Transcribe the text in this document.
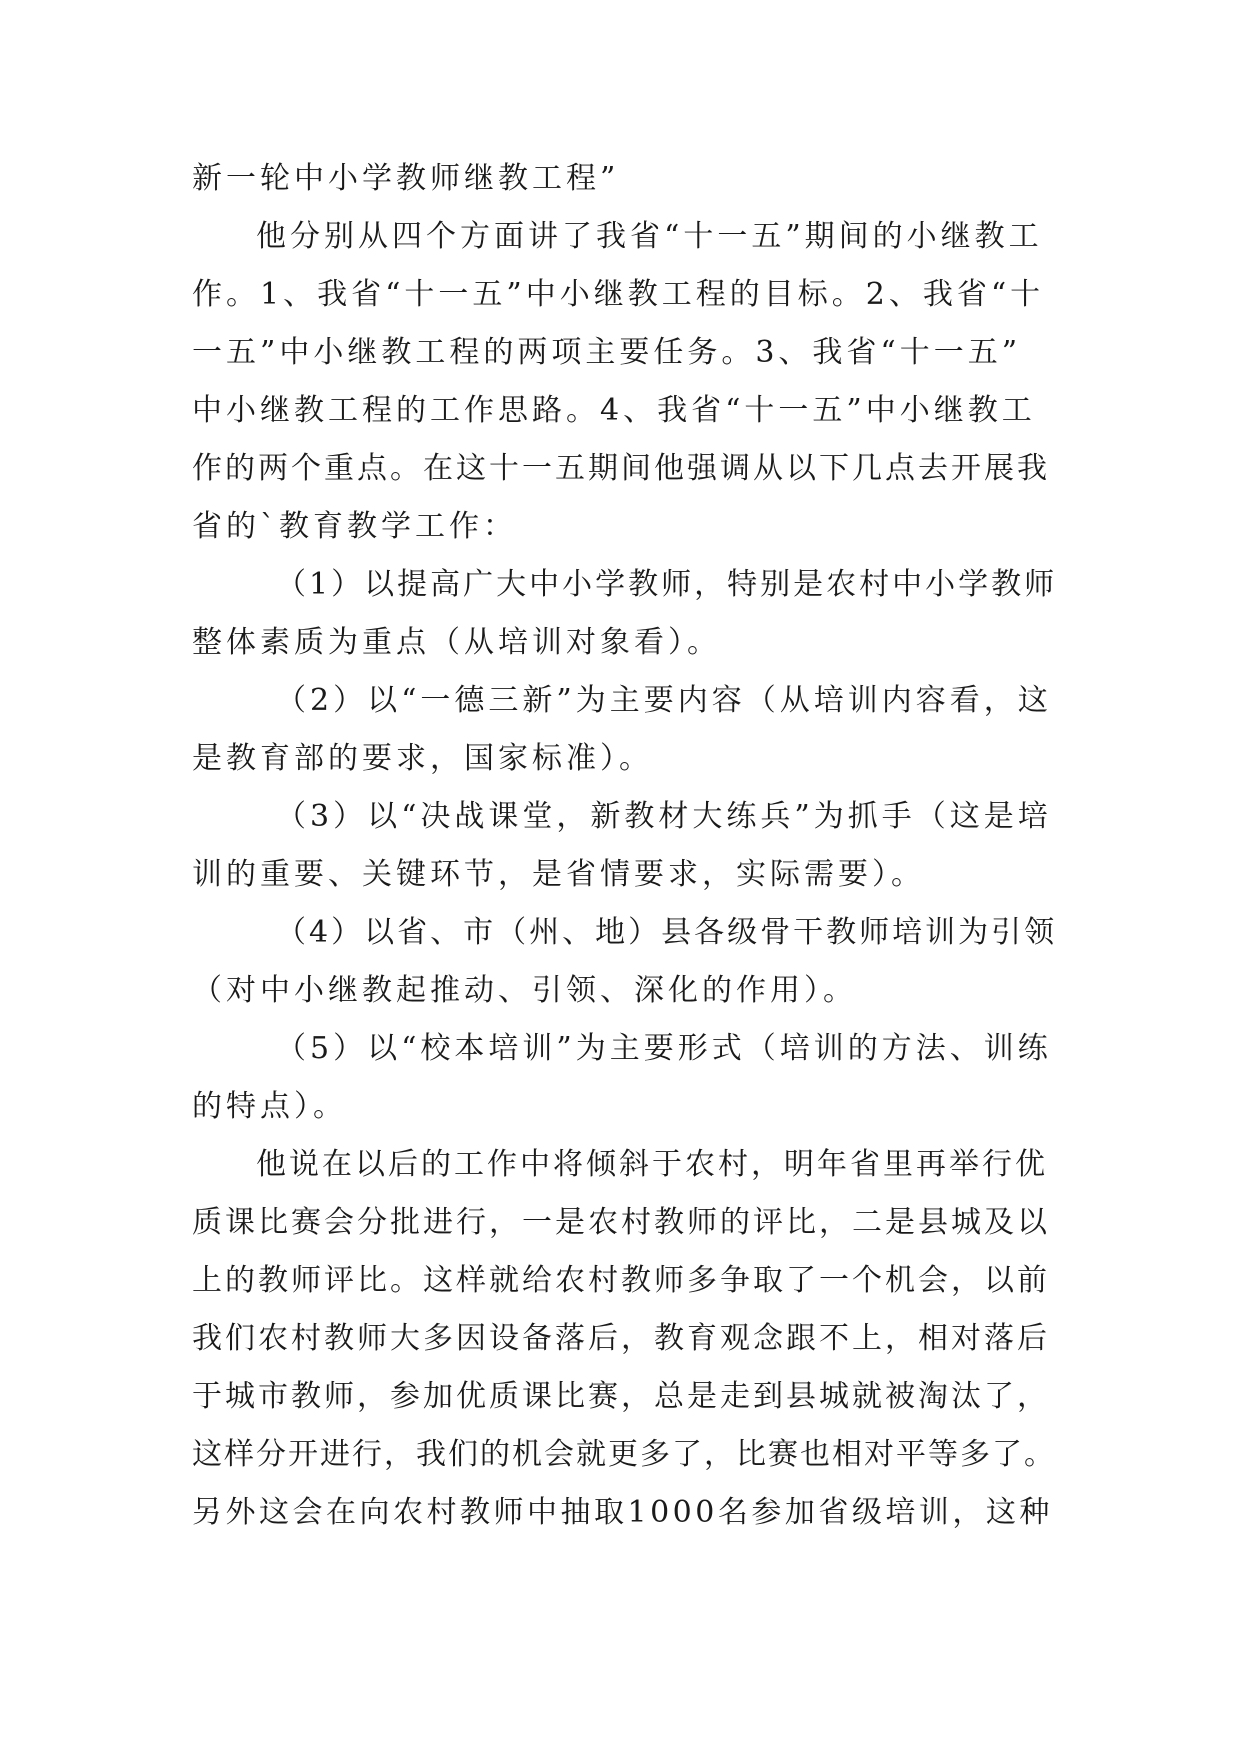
新一轮中小学教师继教工程”
他分别从四个方面讲了我省“十一五”期间的小继教工
作。1、我省“十一五”中小继教工程的目标。2、我省“十
一五”中小继教工程的两项主要任务。3、我省“十一五”
中小继教工程的工作思路。4、我省“十一五”中小继教工
作的两个重点。在这十一五期间他强调从以下几点去开展我
省的`教育教学工作：
（1）以提高广大中小学教师，特别是农村中小学教师
整体素质为重点（从培训对象看）。
（2）以“一德三新”为主要内容（从培训内容看，这
是教育部的要求，国家标准）。
（3）以“决战课堂，新教材大练兵”为抓手（这是培
训的重要、关键环节，是省情要求，实际需要）。
（4）以省、市（州、地）县各级骨干教师培训为引领
（对中小继教起推动、引领、深化的作用）。
（5）以“校本培训”为主要形式（培训的方法、训练
的特点）。
他说在以后的工作中将倾斜于农村，明年省里再举行优
质课比赛会分批进行，一是农村教师的评比，二是县城及以
上的教师评比。这样就给农村教师多争取了一个机会，以前
我们农村教师大多因设备落后，教育观念跟不上，相对落后
于城市教师，参加优质课比赛，总是走到县城就被淘汰了，
这样分开进行，我们的机会就更多了，比赛也相对平等多了。
另外这会在向农村教师中抽取1000名参加省级培训，这种
